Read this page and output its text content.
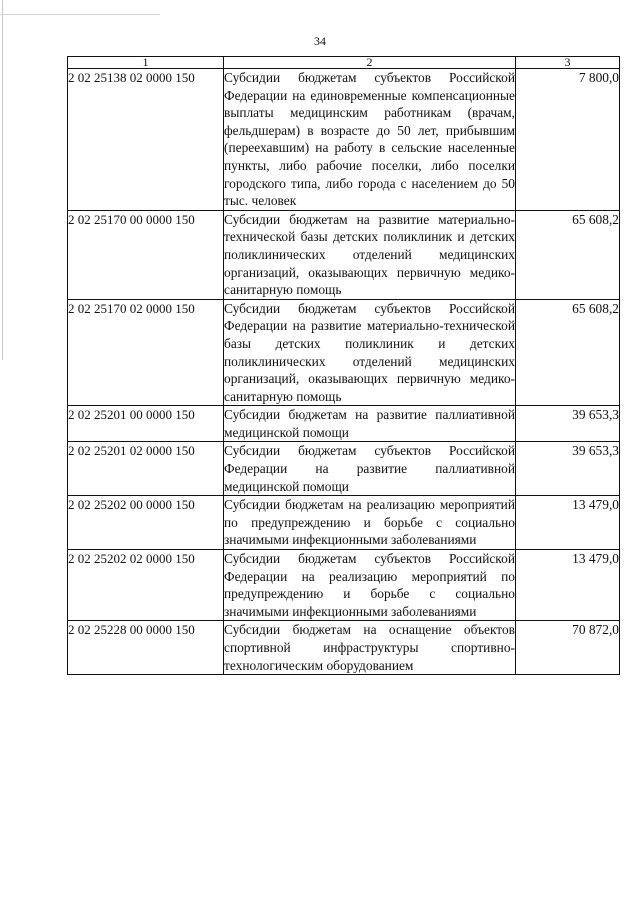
34
1	2	3
2 02 25138 02 0000 150	Субсидии бюджетам субъектов Российской Федерации на единовременные компенсационные выплаты медицинским работникам (врачам, фельдшерам) в возрасте до 50 лет, прибывшим (переехавшим) на работу в сельские населенные пункты, либо рабочие поселки, либо поселки городского типа, либо города с населением до 50 тыс. человек	7 800,0
2 02 25170 00 0000 150	Субсидии бюджетам на развитие материально-технической базы детских поликлиник и детских поликлинических отделений медицинских организаций, оказывающих первичную медико-санитарную помощь	65 608,2
2 02 25170 02 0000 150	Субсидии бюджетам субъектов Российской Федерации на развитие материально-технической базы детских поликлиник и детских поликлинических отделений медицинских организаций, оказывающих первичную медико-санитарную помощь	65 608,2
2 02 25201 00 0000 150	Субсидии бюджетам на развитие паллиативной медицинской помощи	39 653,3
2 02 25201 02 0000 150	Субсидии бюджетам субъектов Российской Федерации на развитие паллиативной медицинской помощи	39 653,3
2 02 25202 00 0000 150	Субсидии бюджетам на реализацию мероприятий по предупреждению и борьбе с социально значимыми инфекционными заболеваниями	13 479,0
2 02 25202 02 0000 150	Субсидии бюджетам субъектов Российской Федерации на реализацию мероприятий по предупреждению и борьбе с социально значимыми инфекционными заболеваниями	13 479,0
2 02 25228 00 0000 150	Субсидии бюджетам на оснащение объектов спортивной инфраструктуры спортивно-технологическим оборудованием	70 872,0
